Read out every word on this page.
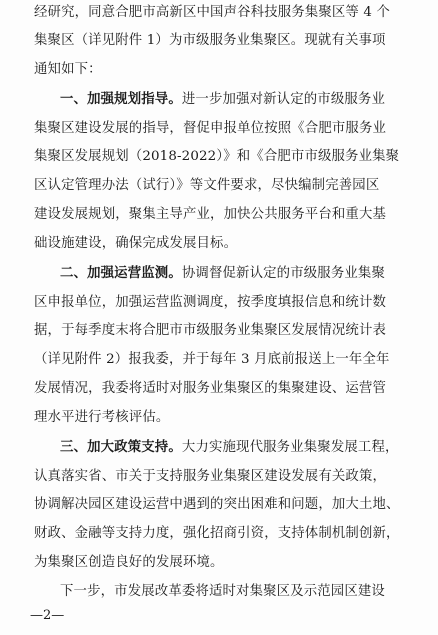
经研究，同意合肥市高新区中国声谷科技服务集聚区等 4 个
集聚区（详见附件 1）为市级服务业集聚区。现就有关事项
通知如下：
一、加强规划指导。进一步加强对新认定的市级服务业
集聚区建设发展的指导，督促申报单位按照《合肥市服务业
集聚区发展规划（2018-2022）》和《合肥市市级服务业集聚
区认定管理办法（试行）》等文件要求，尽快编制完善园区
建设发展规划，聚集主导产业，加快公共服务平台和重大基
础设施建设，确保完成发展目标。
二、加强运营监测。协调督促新认定的市级服务业集聚
区申报单位，加强运营监测调度，按季度填报信息和统计数
据，于每季度末将合肥市市级服务业集聚区发展情况统计表
（详见附件 2）报我委，并于每年 3 月底前报送上一年全年
发展情况，我委将适时对服务业集聚区的集聚建设、运营管
理水平进行考核评估。
三、加大政策支持。大力实施现代服务业集聚发展工程，
认真落实省、市关于支持服务业集聚区建设发展有关政策，
协调解决园区建设运营中遇到的突出困难和问题，加大土地、
财政、金融等支持力度，强化招商引资，支持体制机制创新，
为集聚区创造良好的发展环境。
下一步，市发展改革委将适时对集聚区及示范园区建设
—2—
